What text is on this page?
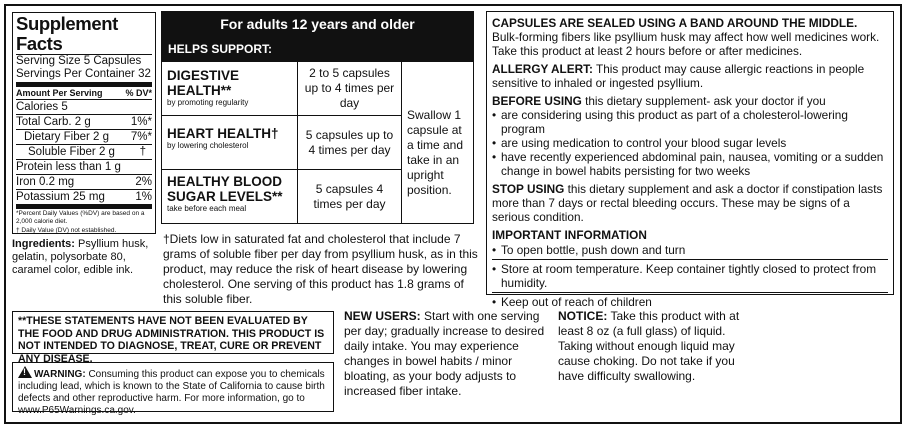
Supplement Facts
Serving Size 5 Capsules
Servings Per Container 32
Amount Per Serving	% DV*
Calories 5
Total Carb. 2 g	1%*
Dietary Fiber 2 g 7%*
Soluble Fiber 2 g †
Protein less than 1 g
Iron 0.2 mg	2%
Potassium 25 mg	1%
*Percent Daily Values (%DV) are based on a 2,000 calorie diet.
† Daily Value (DV) not established.
Ingredients: Psyllium husk, gelatin, polysorbate 80, caramel color, edible ink.
For adults 12 years and older
HELPS SUPPORT:
DIGESTIVE HEALTH**
by promoting regularity
2 to 5 capsules up to 4 times per day
HEART HEALTH†
by lowering cholesterol
5 capsules up to 4 times per day
HEALTHY BLOOD SUGAR LEVELS**
take before each meal
5 capsules 4 times per day
Swallow 1 capsule at a time and take in an upright position.
†Diets low in saturated fat and cholesterol that include 7 grams of soluble fiber per day from psyllium husk, as in this product, may reduce the risk of heart disease by lowering cholesterol. One serving of this product has 1.8 grams of this soluble fiber.

CAPSULES ARE SEALED USING A BAND AROUND THE MIDDLE.
Bulk-forming fibers like psyllium husk may affect how well medicines work. Take this product at least 2 hours before or after medicines.

ALLERGY ALERT: This product may cause allergic reactions in people sensitive to inhaled or ingested psyllium.

BEFORE USING this dietary supplement- ask your doctor if you

• are considering using this product as part of a cholesterol-lowering program
• are using medication to control your blood sugar levels
• have recently experienced abdominal pain, nausea, vomiting or a sudden change in bowel habits persisting for two weeks

STOP USING this dietary supplement and ask a doctor if constipation lasts more than 7 days or rectal bleeding occurs. These may be signs of a serious condition.

IMPORTANT INFORMATION

• To open bottle, push down and turn
• Store at room temperature. Keep container tightly closed to protect from humidity.
• Keep out of reach of children
**THESE STATEMENTS HAVE NOT BEEN EVALUATED BY THE FOOD AND DRUG ADMINISTRATION. THIS PRODUCT IS NOT INTENDED TO DIAGNOSE, TREAT, CURE OR PREVENT ANY DISEASE.
! WARNING: Consuming this product can expose you to chemicals including lead, which is known to the State of California to cause birth defects and other reproductive harm. For more information, go to www.P65Warnings.ca.gov.
NEW USERS: Start with one serving per day; gradually increase to desired daily intake. You may experience changes in bowel habits / minor bloating, as your body adjusts to increased fiber intake.
NOTICE: Take this product with at least 8 oz (a full glass) of liquid. Taking without enough liquid may cause choking. Do not take if you have difficulty swallowing.
